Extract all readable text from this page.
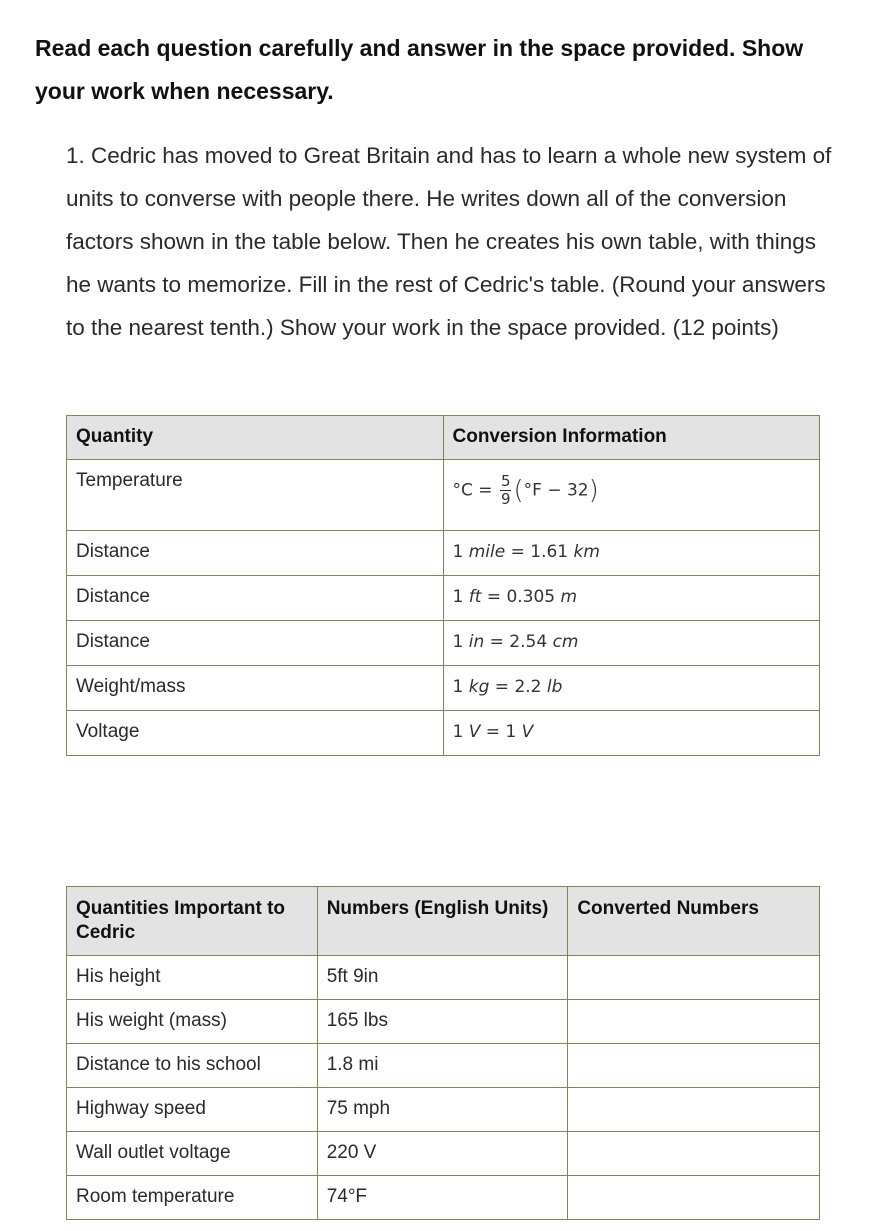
Read each question carefully and answer in the space provided. Show your work when necessary.
1. Cedric has moved to Great Britain and has to learn a whole new system of units to converse with people there. He writes down all of the conversion factors shown in the table below. Then he creates his own table, with things he wants to memorize. Fill in the rest of Cedric's table. (Round your answers to the nearest tenth.) Show your work in the space provided. (12 points)
Quantity	Conversion Information
Temperature	$^\circ C = \frac{5}{9} (^\circ F - 32)$
Distance	1 mile = 1.61 km
Distance	1 ft = 0.305 m
Distance	1 in = 2.54 cm
Weight/mass	1 kg = 2.2 lb
Voltage	1 V = 1 V
Quantities Important to Cedric	Numbers (English Units)	Converted Numbers
His height	5ft 9in	
His weight (mass)	165 lbs	
Distance to his school	1.8 mi	
Highway speed	75 mph	
Wall outlet voltage	220 V	
Room temperature	74°F	
